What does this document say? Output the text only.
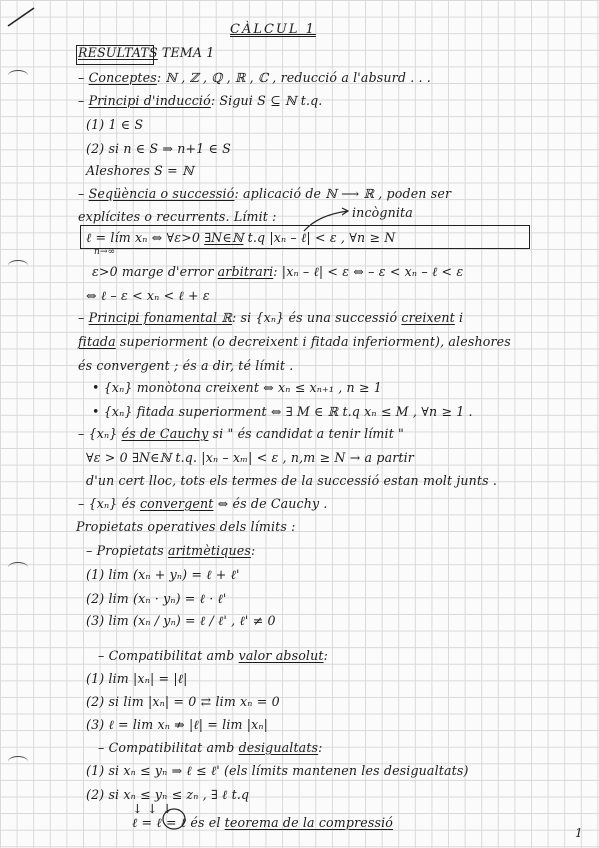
CÀLCUL 1
RESULTATS TEMA 1
– Conceptes: ℕ , ℤ , ℚ , ℝ , ℂ , reducció a l'absurd . . .
– Principi d'inducció: Sigui S ⊆ ℕ t.q.
(1) 1 ∈ S
(2) si n ∈ S ⇒ n+1 ∈ S
Aleshores S = ℕ
– Seqüència o successió: aplicació de ℕ ⟶ ℝ , poden ser
explícites o recurrents. Límit :
ℓ = lím xₙ ⇔ ∀ε>0 ∃N∈ℕ t.q |xₙ – ℓ| < ε , ∀n ≥ N
ε>0 marge d'error arbitrari: |xₙ – ℓ| < ε ⇔ – ε < xₙ – ℓ < ε
⇔ ℓ – ε < xₙ < ℓ + ε
– Principi fonamental ℝ: si {xₙ} és una successió creixent i
fitada superiorment (o decreixent i fitada inferiorment), aleshores
és convergent ; és a dir, té límit .
• {xₙ} monòtona creixent ⇔ xₙ ≤ xₙ₊₁ , n ≥ 1
• {xₙ} fitada superiorment ⇔ ∃ M ∈ ℝ t.q xₙ ≤ M , ∀n ≥ 1 .
– {xₙ} és de Cauchy si " és candidat a tenir límit "
∀ε > 0 ∃N∈ℕ t.q. |xₙ – xₘ| < ε , n,m ≥ N → a partir
d'un cert lloc, tots els termes de la successió estan molt junts .
– {xₙ} és convergent ⇔ és de Cauchy .
Propietats operatives dels límits :
– Propietats aritmètiques:
(1) lim (xₙ + yₙ) = ℓ + ℓ'
(2) lim (xₙ · yₙ) = ℓ · ℓ'
(3) lim (xₙ / yₙ) = ℓ / ℓ' , ℓ' ≠ 0
– Compatibilitat amb valor absolut:
(1) lim |xₙ| = |ℓ|
(2) si lim |xₙ| = 0 ⇄ lim xₙ = 0
(3) ℓ = lim xₙ ⇏ |ℓ| = lim |xₙ|
– Compatibilitat amb desigualtats:
(1) si xₙ ≤ yₙ ⇒ ℓ ≤ ℓ' (els límits mantenen les desigualtats)
(2) si xₙ ≤ yₙ ≤ zₙ , ∃ ℓ t.q
↓ ↓ ↓
ℓ = ℓ = ℓ és el teorema de la compressió
incògnita
n→∞
1
